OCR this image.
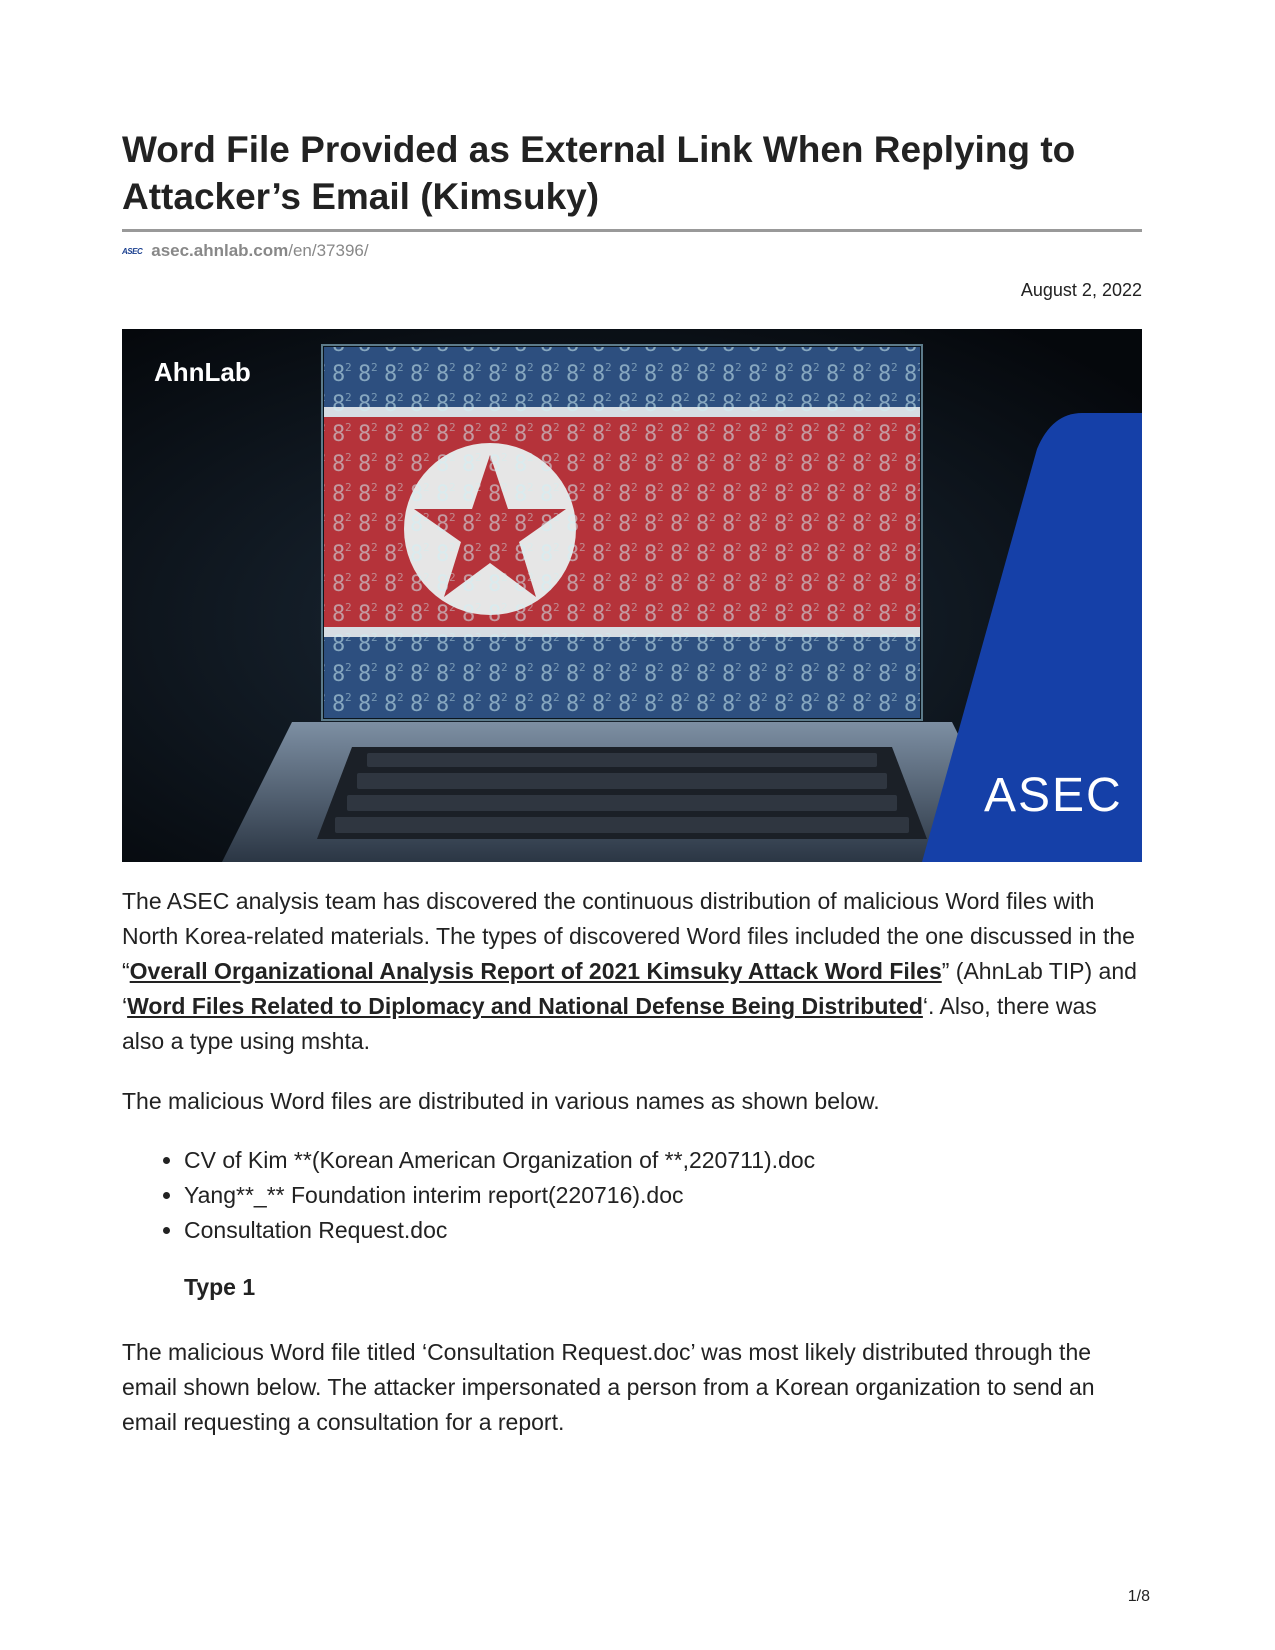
Word File Provided as External Link When Replying to Attacker’s Email (Kimsuky)
ASEC asec.ahnlab.com /en/37396/
August 2, 2022
AhnLab
ASEC

The ASEC analysis team has discovered the continuous distribution of malicious Word files with North Korea-related materials. The types of discovered Word files included the one discussed in the “Overall Organizational Analysis Report of 2021 Kimsuky Attack Word Files” (AhnLab TIP) and ‘Word Files Related to Diplomacy and National Defense Being Distributed‘. Also, there was also a type using mshta.

The malicious Word files are distributed in various names as shown below.

• CV of Kim **(Korean American Organization of **,220711).doc
• Yang**_** Foundation interim report(220716).doc
• Consultation Request.doc
Type 1

The malicious Word file titled ‘Consultation Request.doc’ was most likely distributed through the email shown below. The attacker impersonated a person from a Korean organization to send an email requesting a consultation for a report.

1/8
